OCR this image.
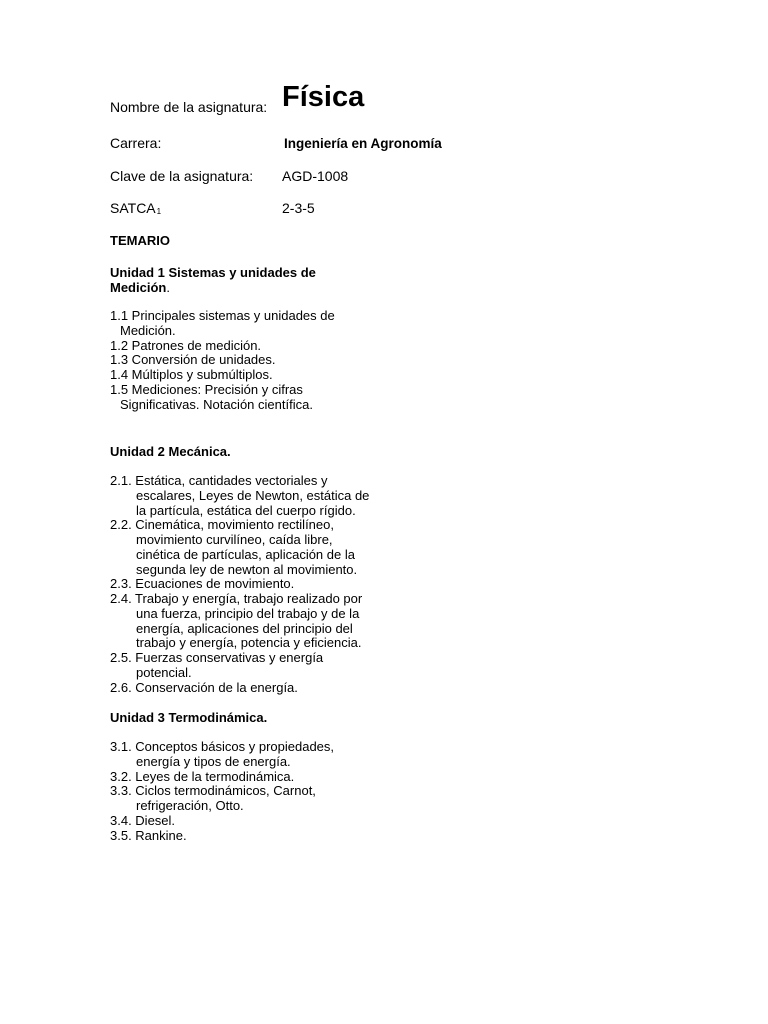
Nombre de la asignatura: Física
Carrera:	Ingeniería en Agronomía
Clave de la asignatura: AGD-1008
SATCA$^1$	2-3-5
TEMARIO
Unidad 1 Sistemas y unidades de Medición.
1.1 Principales sistemas y unidades de
Medición.
1.2 Patrones de medición.
1.3 Conversión de unidades.
1.4 Múltiplos y submúltiplos.
1.5 Mediciones: Precisión y cifras
Significativas. Notación científica.
Unidad 2 Mecánica.
2.1. Estática, cantidades vectoriales y
escalares, Leyes de Newton, estática de
la partícula, estática del cuerpo rígido.
2.2. Cinemática, movimiento rectilíneo,
movimiento curvilíneo, caída libre,
cinética de partículas, aplicación de la
segunda ley de newton al movimiento.
2.3. Ecuaciones de movimiento.
2.4. Trabajo y energía, trabajo realizado por
una fuerza, principio del trabajo y de la
energía, aplicaciones del principio del
trabajo y energía, potencia y eficiencia.
2.5. Fuerzas conservativas y energía
potencial.
2.6. Conservación de la energía.
Unidad 3 Termodinámica.
3.1. Conceptos básicos y propiedades,
energía y tipos de energía.
3.2. Leyes de la termodinámica.
3.3. Ciclos termodinámicos, Carnot,
refrigeración, Otto.
3.4. Diesel.
3.5. Rankine.
